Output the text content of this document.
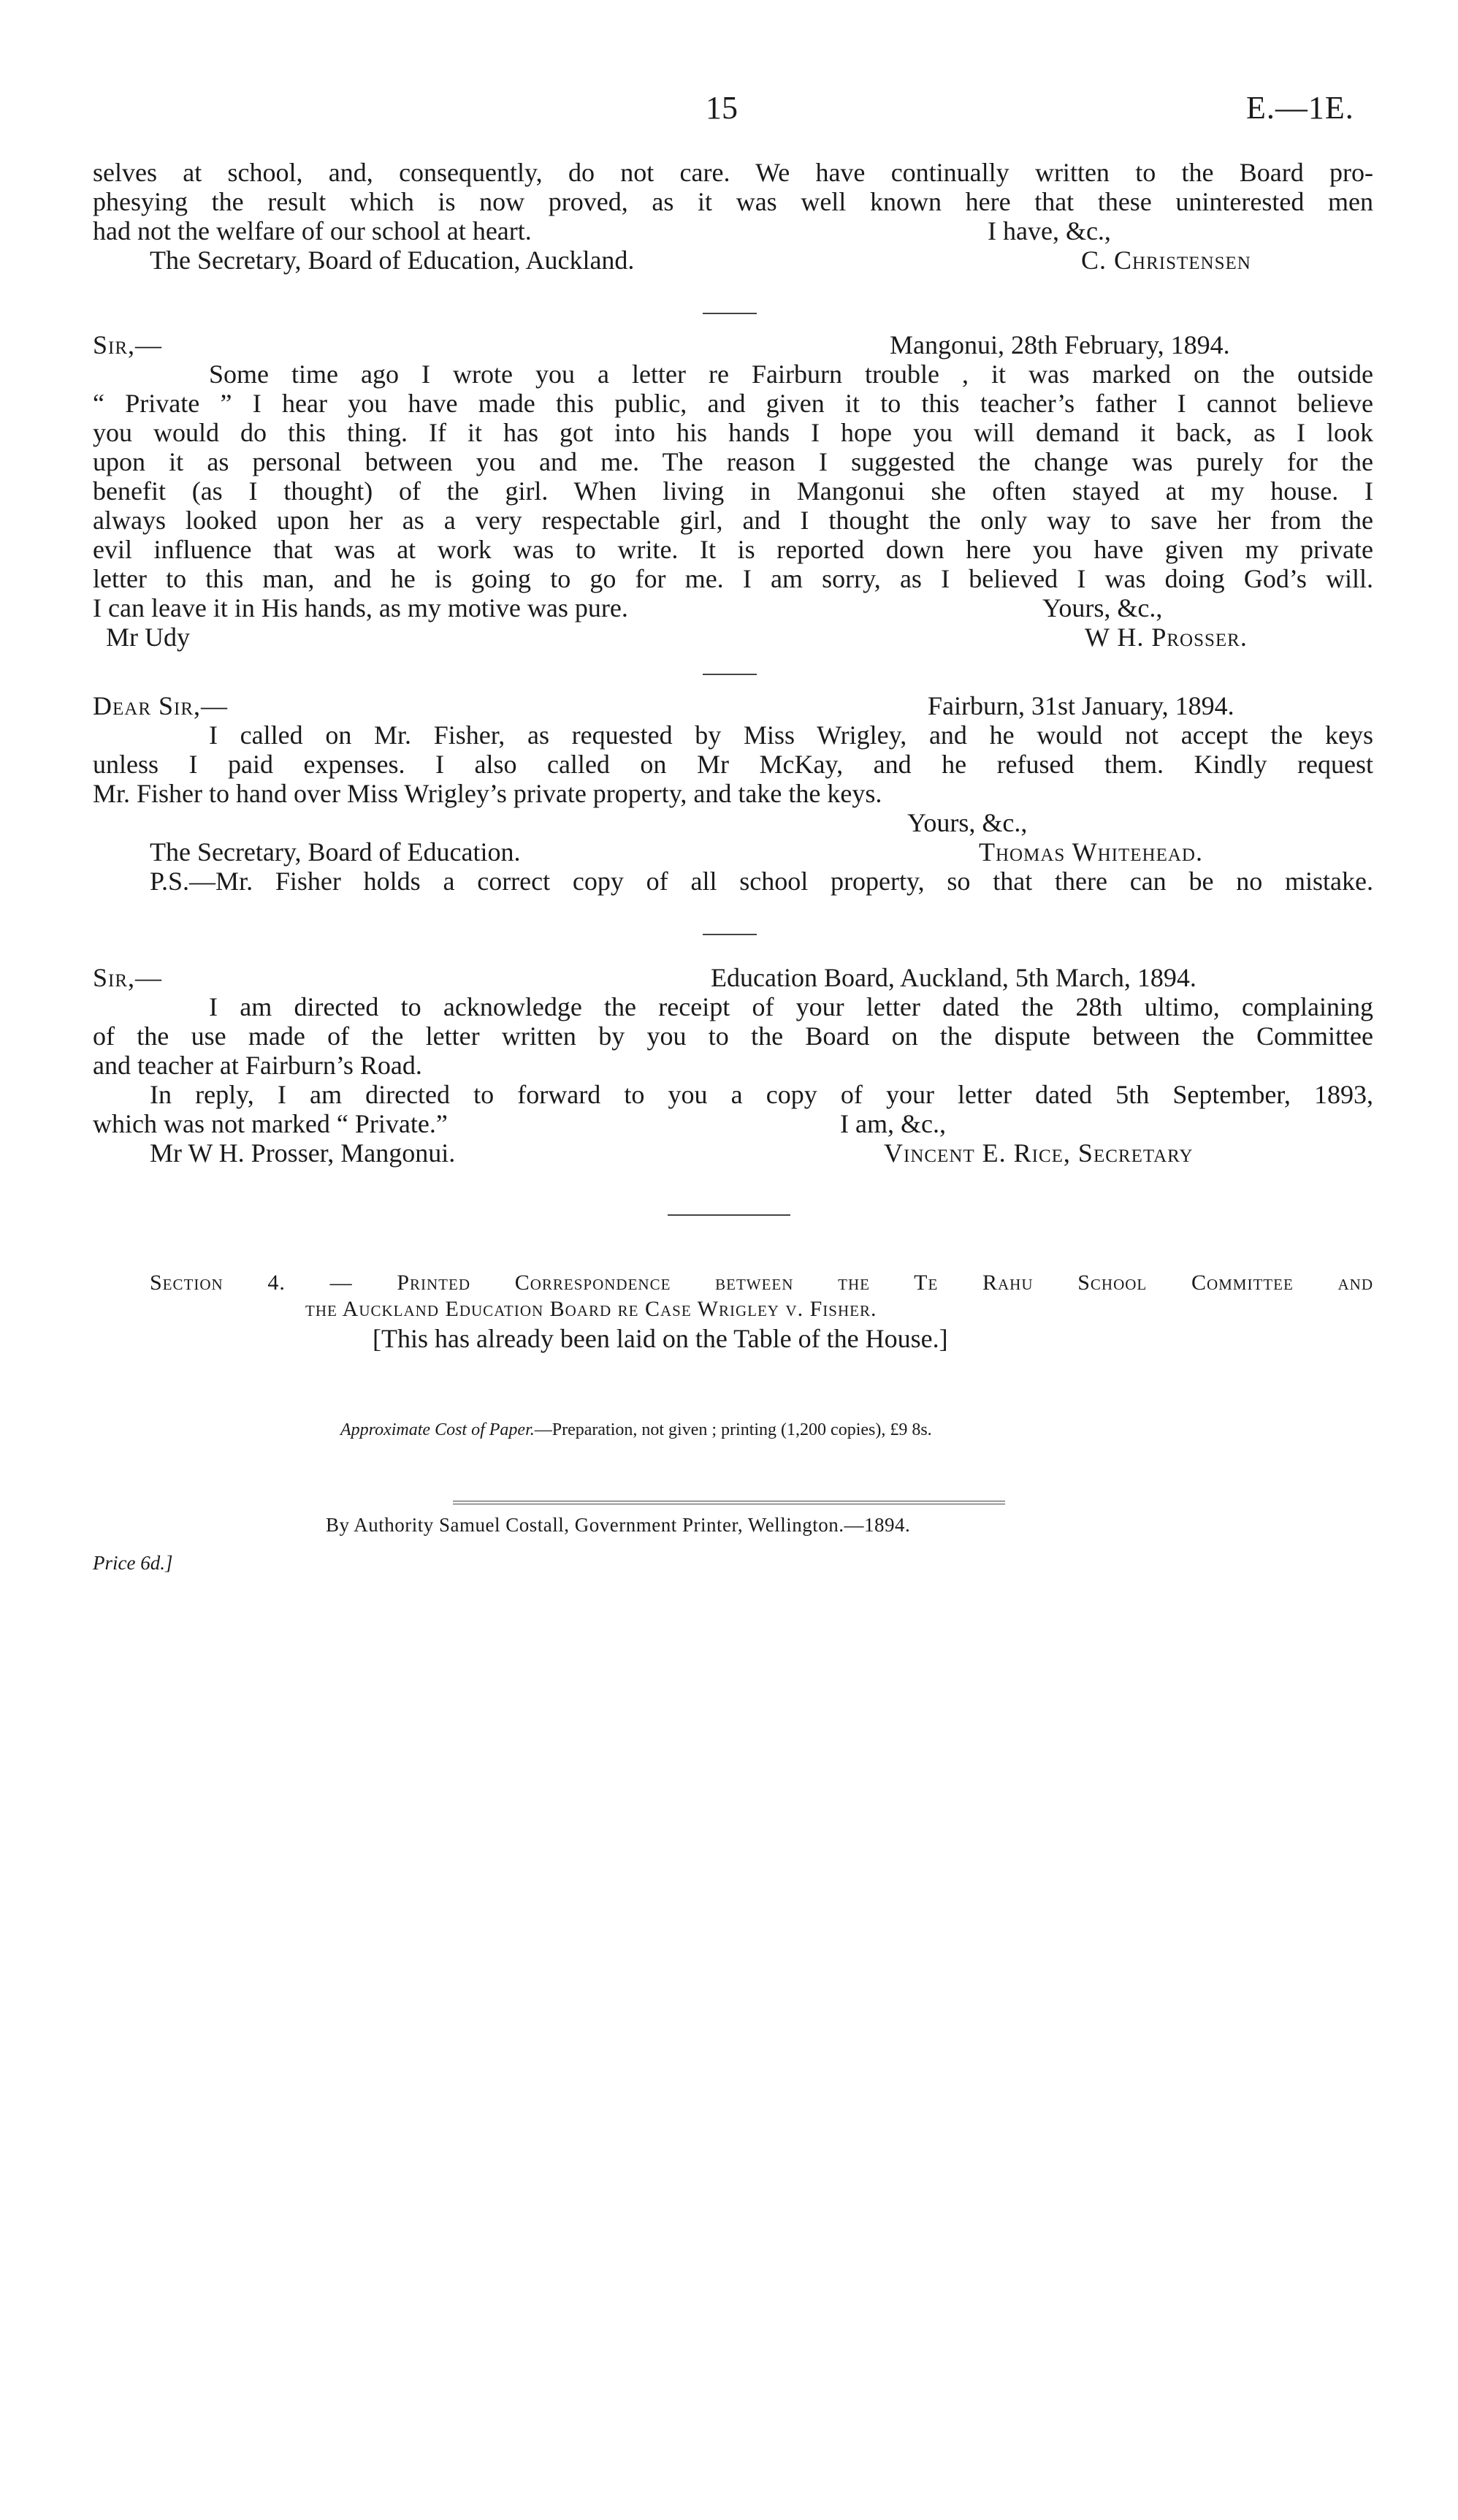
15	E.—1E.
selves at school, and, consequently, do not care. We have continually written to the Board pro-
phesying the result which is now proved, as it was well known here that these uninterested men
had not the welfare of our school at heart.	I have, &c.,
The Secretary, Board of Education, Auckland.	C. Christensen
Sir,—	Mangonui, 28th February, 1894.
Some time ago I wrote you a letter re Fairburn trouble , it was marked on the outside
“ Private ” I hear you have made this public, and given it to this teacher’s father I cannot believe
you would do this thing. If it has got into his hands I hope you will demand it back, as I look
upon it as personal between you and me. The reason I suggested the change was purely for the
benefit (as I thought) of the girl. When living in Mangonui she often stayed at my house. I
always looked upon her as a very respectable girl, and I thought the only way to save her from the
evil influence that was at work was to write. It is reported down here you have given my private
letter to this man, and he is going to go for me. I am sorry, as I believed I was doing God’s will.
I can leave it in His hands, as my motive was pure.	Yours, &c.,
Mr Udy	W H. Prosser.
Dear Sir,—	Fairburn, 31st January, 1894.
I called on Mr. Fisher, as requested by Miss Wrigley, and he would not accept the keys
unless I paid expenses. I also called on Mr McKay, and he refused them. Kindly request
Mr. Fisher to hand over Miss Wrigley’s private property, and take the keys.
Yours, &c.,
The Secretary, Board of Education.	Thomas Whitehead.
P.S.—Mr. Fisher holds a correct copy of all school property, so that there can be no mistake.
Sir,—	Education Board, Auckland, 5th March, 1894.
I am directed to acknowledge the receipt of your letter dated the 28th ultimo, complaining
of the use made of the letter written by you to the Board on the dispute between the Committee
and teacher at Fairburn’s Road.
In reply, I am directed to forward to you a copy of your letter dated 5th September, 1893,
which was not marked “ Private.”	I am, &c.,
Mr W H. Prosser, Mangonui.	Vincent E. Rice, Secretary
Section 4. — Printed Correspondence between the Te Rahu School Committee and
the Auckland Education Board re Case Wrigley v. Fisher.
[This has already been laid on the Table of the House.]
Approximate Cost of Paper.—Preparation, not given ; printing (1,200 copies), £9 8s.
By Authority Samuel Costall, Government Printer, Wellington.—1894.
Price 6d.]
